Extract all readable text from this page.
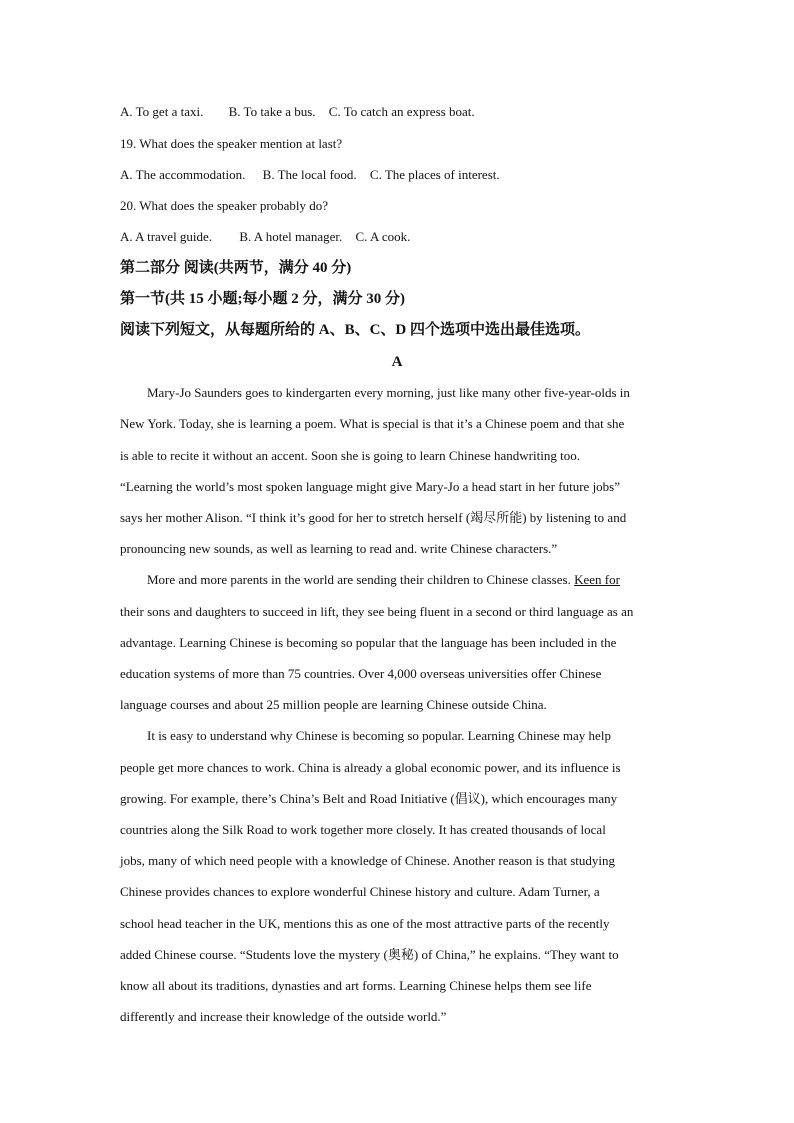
A. To get a taxi. B. To take a bus. C. To catch an express boat.
19. What does the speaker mention at last?
A. The accommodation. B. The local food. C. The places of interest.
20. What does the speaker probably do?
A. A travel guide. B. A hotel manager. C. A cook.
第二部分 阅读(共两节，满分 40 分)
第一节(共 15 小题;每小题 2 分，满分 30 分)
阅读下列短文，从每题所给的 A、B、C、D 四个选项中选出最佳选项。
A
Mary-Jo Saunders goes to kindergarten every morning, just like many other five-year-olds in
New York. Today, she is learning a poem. What is special is that it’s a Chinese poem and that she
is able to recite it without an accent. Soon she is going to learn Chinese handwriting too.
“Learning the world’s most spoken language might give Mary-Jo a head start in her future jobs”
says her mother Alison. “I think it’s good for her to stretch herself (竭尽所能) by listening to and
pronouncing new sounds, as well as learning to read and. write Chinese characters.”
More and more parents in the world are sending their children to Chinese classes. Keen for
their sons and daughters to succeed in lift, they see being fluent in a second or third language as an
advantage. Learning Chinese is becoming so popular that the language has been included in the
education systems of more than 75 countries. Over 4,000 overseas universities offer Chinese
language courses and about 25 million people are learning Chinese outside China.
It is easy to understand why Chinese is becoming so popular. Learning Chinese may help
people get more chances to work. China is already a global economic power, and its influence is
growing. For example, there’s China’s Belt and Road Initiative (倡议), which encourages many
countries along the Silk Road to work together more closely. It has created thousands of local
jobs, many of which need people with a knowledge of Chinese. Another reason is that studying
Chinese provides chances to explore wonderful Chinese history and culture. Adam Turner, a
school head teacher in the UK, mentions this as one of the most attractive parts of the recently
added Chinese course. “Students love the mystery (奥秘) of China,” he explains. “They want to
know all about its traditions, dynasties and art forms. Learning Chinese helps them see life
differently and increase their knowledge of the outside world.”
